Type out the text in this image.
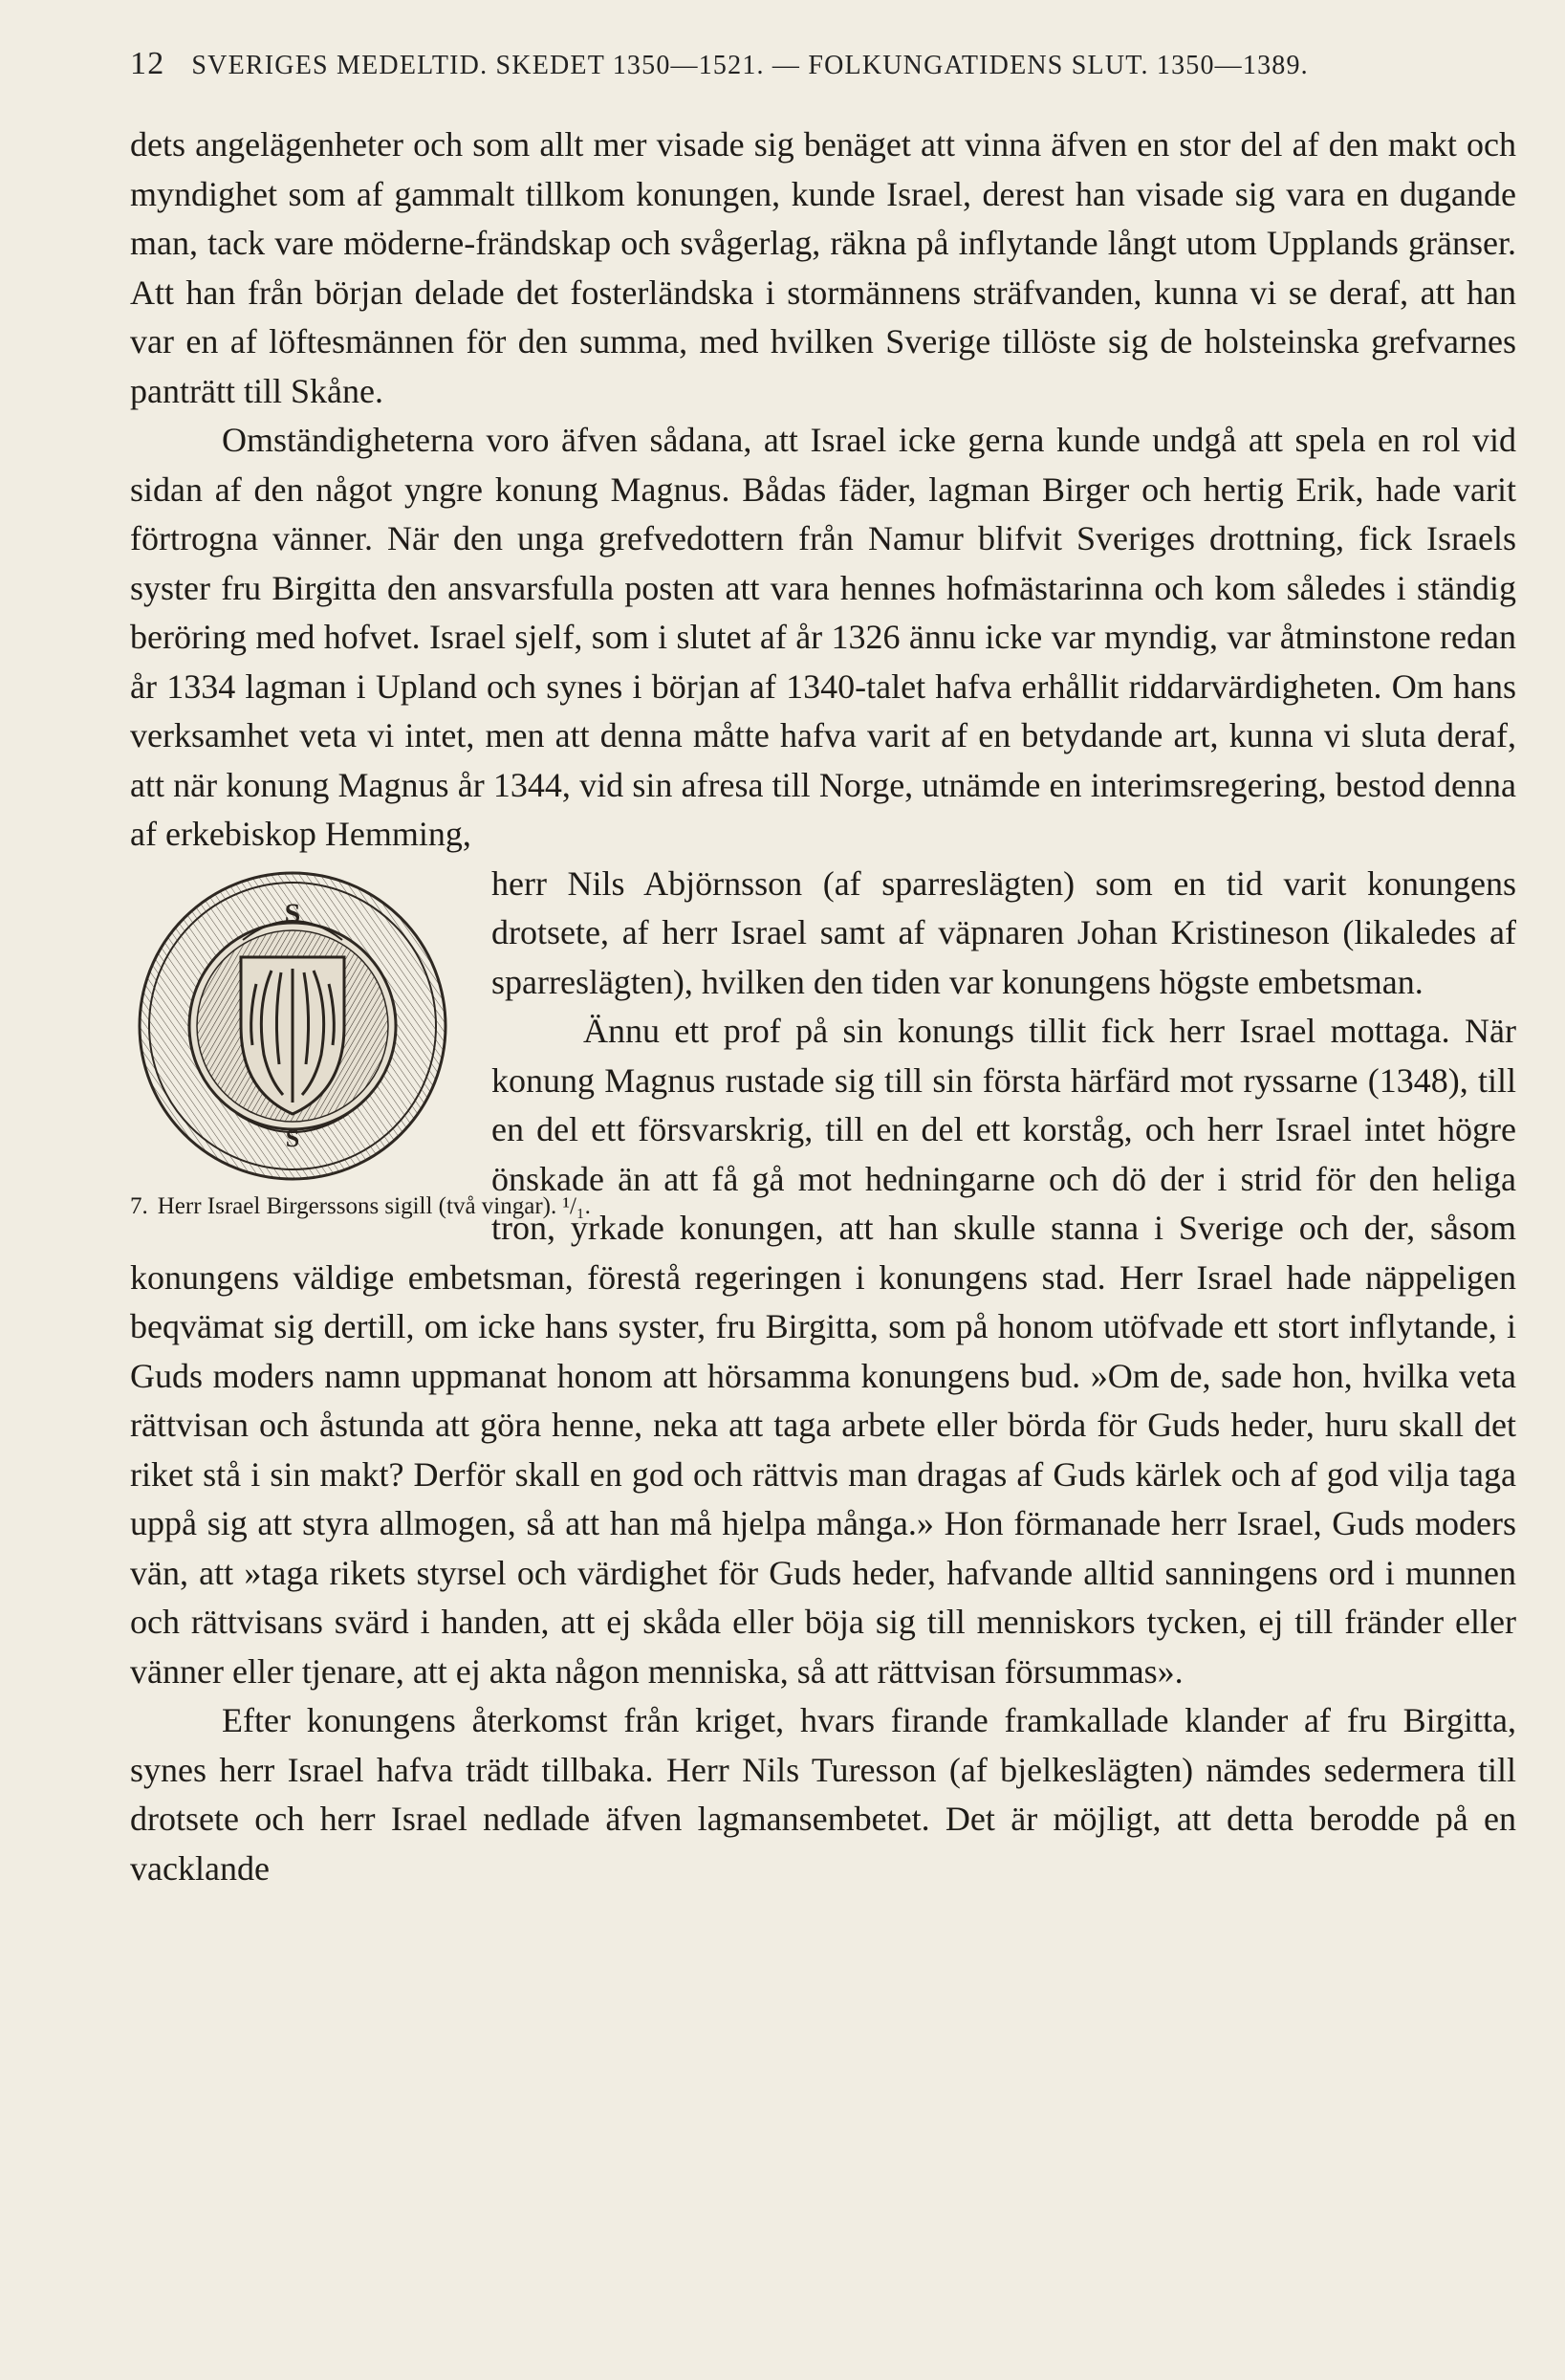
12 SVERIGES MEDELTID. SKEDET 1350—1521. — FOLKUNGATIDENS SLUT. 1350—1389.

dets angelägenheter och som allt mer visade sig benäget att vinna äfven en stor del af den makt och myndighet som af gammalt tillkom konungen, kunde Israel, derest han visade sig vara en dugande man, tack vare möderne-frändskap och svågerlag, räkna på inflytande långt utom Upplands gränser. Att han från början delade det fosterländska i stormännens sträfvanden, kunna vi se deraf, att han var en af löftesmännen för den summa, med hvilken Sverige tillöste sig de holsteinska grefvarnes panträtt till Skåne.

Omständigheterna voro äfven sådana, att Israel icke gerna kunde undgå att spela en rol vid sidan af den något yngre konung Magnus. Bådas fäder, lagman Birger och hertig Erik, hade varit förtrogna vänner. När den unga grefvedottern från Namur blifvit Sveriges drottning, fick Israels syster fru Birgitta den ansvarsfulla posten att vara hennes hofmästarinna och kom således i ständig beröring med hofvet. Israel sjelf, som i slutet af år 1326 ännu icke var myndig, var åtminstone redan år 1334 lagman i Upland och synes i början af 1340-talet hafva erhållit riddarvärdigheten. Om hans verksamhet veta vi intet, men att denna måtte hafva varit af en betydande art, kunna vi sluta deraf, att när konung Magnus år 1344, vid sin afresa till Norge, utnämde en interimsregering, bestod denna af erkebiskop Hemming,

S
S
7. Herr Israel Birgerssons sigill (två vingar). ¹/₁.

herr Nils Abjörnsson (af sparreslägten) som en tid varit konungens drotsete, af herr Israel samt af väpnaren Johan Kristineson (likaledes af sparreslägten), hvilken den tiden var konungens högste embetsman.

Ännu ett prof på sin konungs tillit fick herr Israel mottaga. När konung Magnus rustade sig till sin första härfärd mot ryssarne (1348), till en del ett försvarskrig, till en del ett korståg, och herr Israel intet högre önskade än att få gå mot hedningarne och dö der i strid för den heliga tron, yrkade konungen, att han skulle stanna i Sverige och der, såsom konungens väldige embetsman, förestå regeringen i konungens stad. Herr Israel hade näppeligen beqvämat sig dertill, om icke hans syster, fru Birgitta, som på honom utöfvade ett stort inflytande, i Guds moders namn uppmanat honom att hörsamma konungens bud. »Om de, sade hon, hvilka veta rättvisan och åstunda att göra henne, neka att taga arbete eller börda för Guds heder, huru skall det riket stå i sin makt? Derför skall en god och rättvis man dragas af Guds kärlek och af god vilja taga uppå sig att styra allmogen, så att han må hjelpa många.» Hon förmanade herr Israel, Guds moders vän, att »taga rikets styrsel och värdighet för Guds heder, hafvande alltid sanningens ord i munnen och rättvisans svärd i handen, att ej skåda eller böja sig till menniskors tycken, ej till fränder eller vänner eller tjenare, att ej akta någon menniska, så att rättvisan försummas».

Efter konungens återkomst från kriget, hvars firande framkallade klander af fru Birgitta, synes herr Israel hafva trädt tillbaka. Herr Nils Turesson (af bjelkeslägten) nämdes sedermera till drotsete och herr Israel nedlade äfven lagmansembetet. Det är möjligt, att detta berodde på en vacklande
